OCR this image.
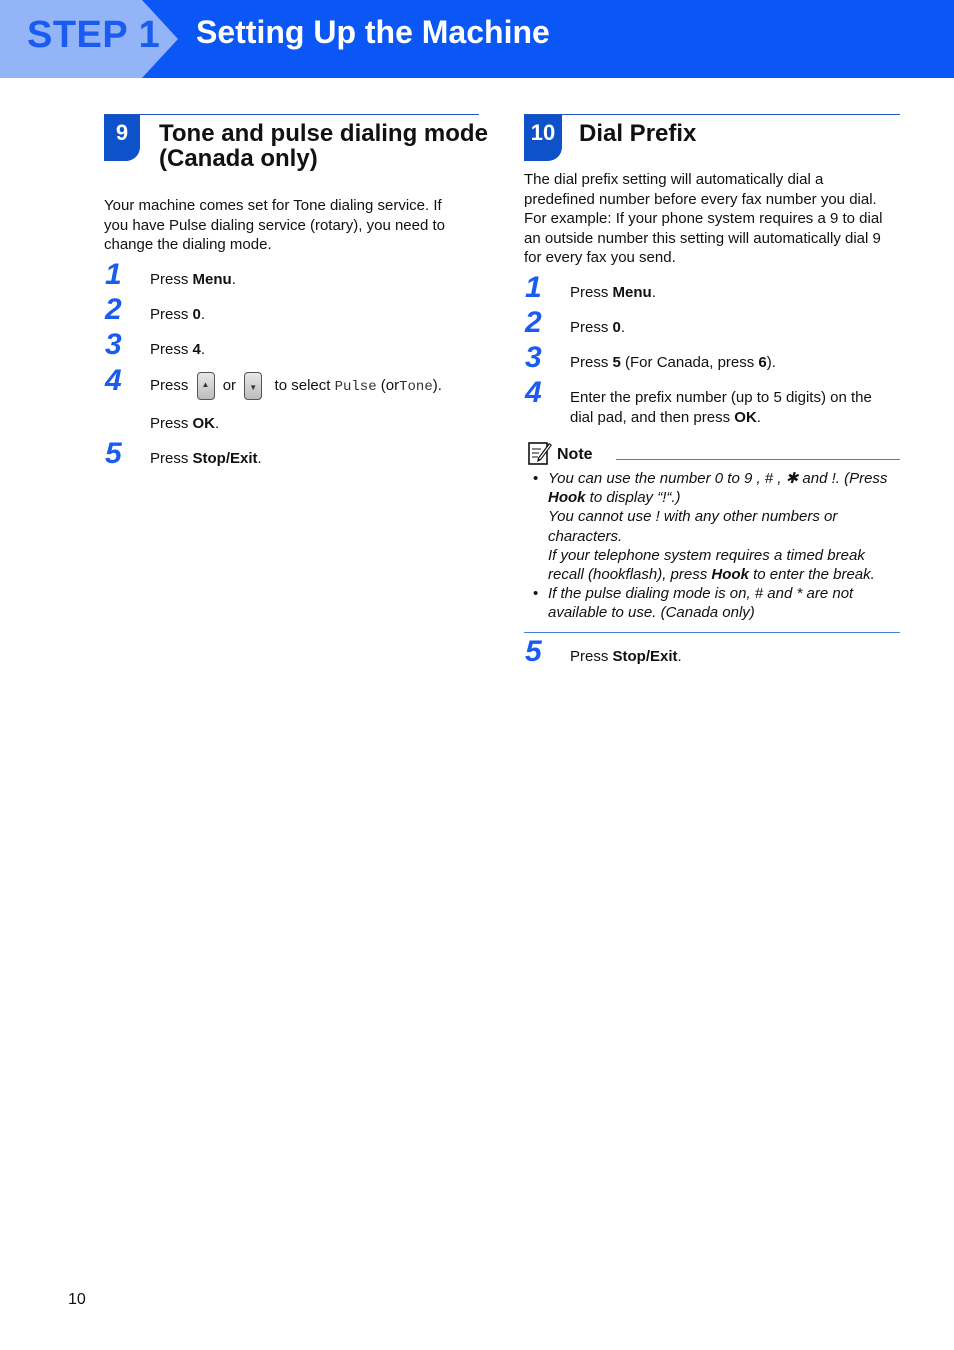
STEP 1 Setting Up the Machine
9	Tone and pulse dialing mode
(Canada only)
Your machine comes set for Tone dialing service. If
you have Pulse dialing service (rotary), you need to
change the dialing mode.
1 Press Menu.
2 Press 0.
3 Press 4.
4 Press	▲ or	▼ to select Pulse (orTone).
Press OK.
5 Press Stop/Exit.
10 Dial Prefix
The dial prefix setting will automatically dial a
predefined number before every fax number you dial.
For example: If your phone system requires a 9 to dial
an outside number this setting will automatically dial 9
for every fax you send.
1 Press Menu.
2 Press 0.
3 Press 5 (For Canada, press 6).
4 Enter the prefix number (up to 5 digits) on the
dial pad, and then press OK.
Note
• You can use the number 0 to 9 , # , ✱ and !. (Press
Hook to display “!“.)
You cannot use ! with any other numbers or
characters.
If your telephone system requires a timed break
recall (hookflash), press Hook to enter the break.
• If the pulse dialing mode is on, # and * are not
available to use. (Canada only)
5 Press Stop/Exit.
10
